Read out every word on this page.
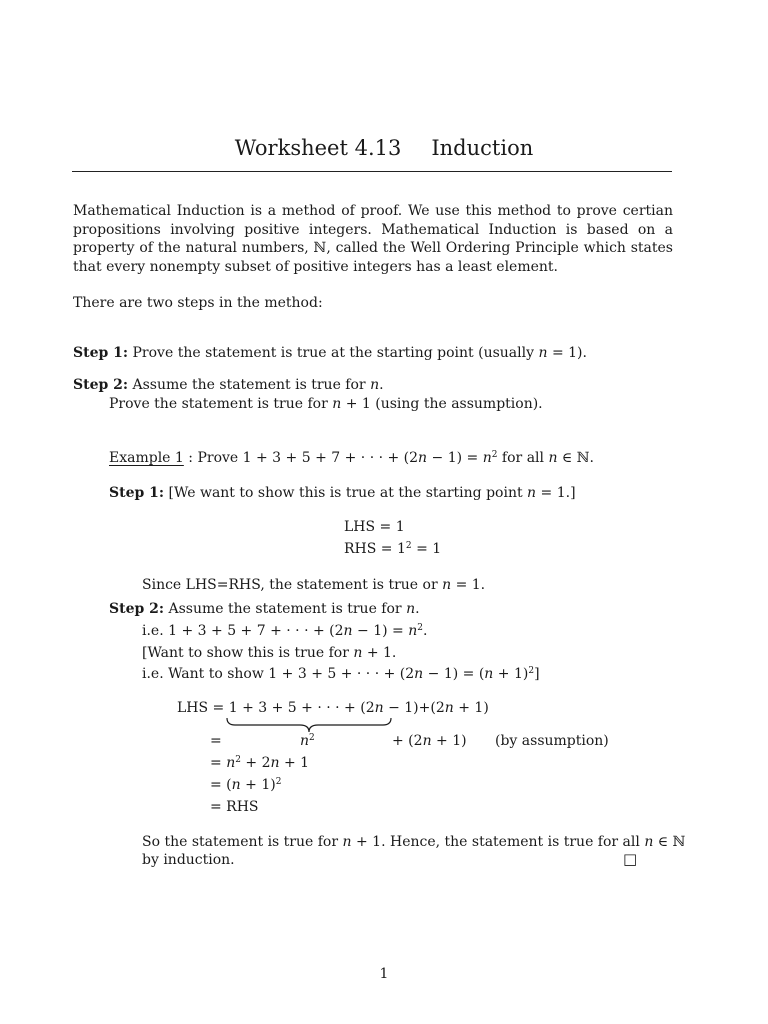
Worksheet 4.13 Induction
Mathematical Induction is a method of proof. We use this method to prove certian propositions involving positive integers. Mathematical Induction is based on a property of the natural numbers, ℕ, called the Well Ordering Principle which states that every nonempty subset of positive integers has a least element.
There are two steps in the method:
Step 1: Prove the statement is true at the starting point (usually n = 1).
Step 2: Assume the statement is true for n.
Prove the statement is true for n + 1 (using the assumption).
Example 1 : Prove 1 + 3 + 5 + 7 + · · · + $(2n - 1) = n^2$ for all n ∈ ℕ.
Step 1: [We want to show this is true at the starting point n = 1.]
LHS = 1
RHS = $1^2 = 1$
Since LHS=RHS, the statement is true or n = 1.
Step 2: Assume the statement is true for n.
i.e. 1 + 3 + 5 + 7 + · · · + $(2n - 1) = n^2$.
[Want to show this is true for n + 1.
i.e. Want to show 1 + 3 + 5 + · · · + $(2n - 1) = (n + 1)^2$]
LHS = 1 + 3 + 5 + · · · + (2n − 1)+(2n + 1)
=	$n^2$	+ (2n + 1) (by assumption)
= $n^2 + 2n + 1$
= $(n + 1)^2$
= RHS
So the statement is true for n + 1. Hence, the statement is true for all n ∈ ℕ
by induction.	□
1
